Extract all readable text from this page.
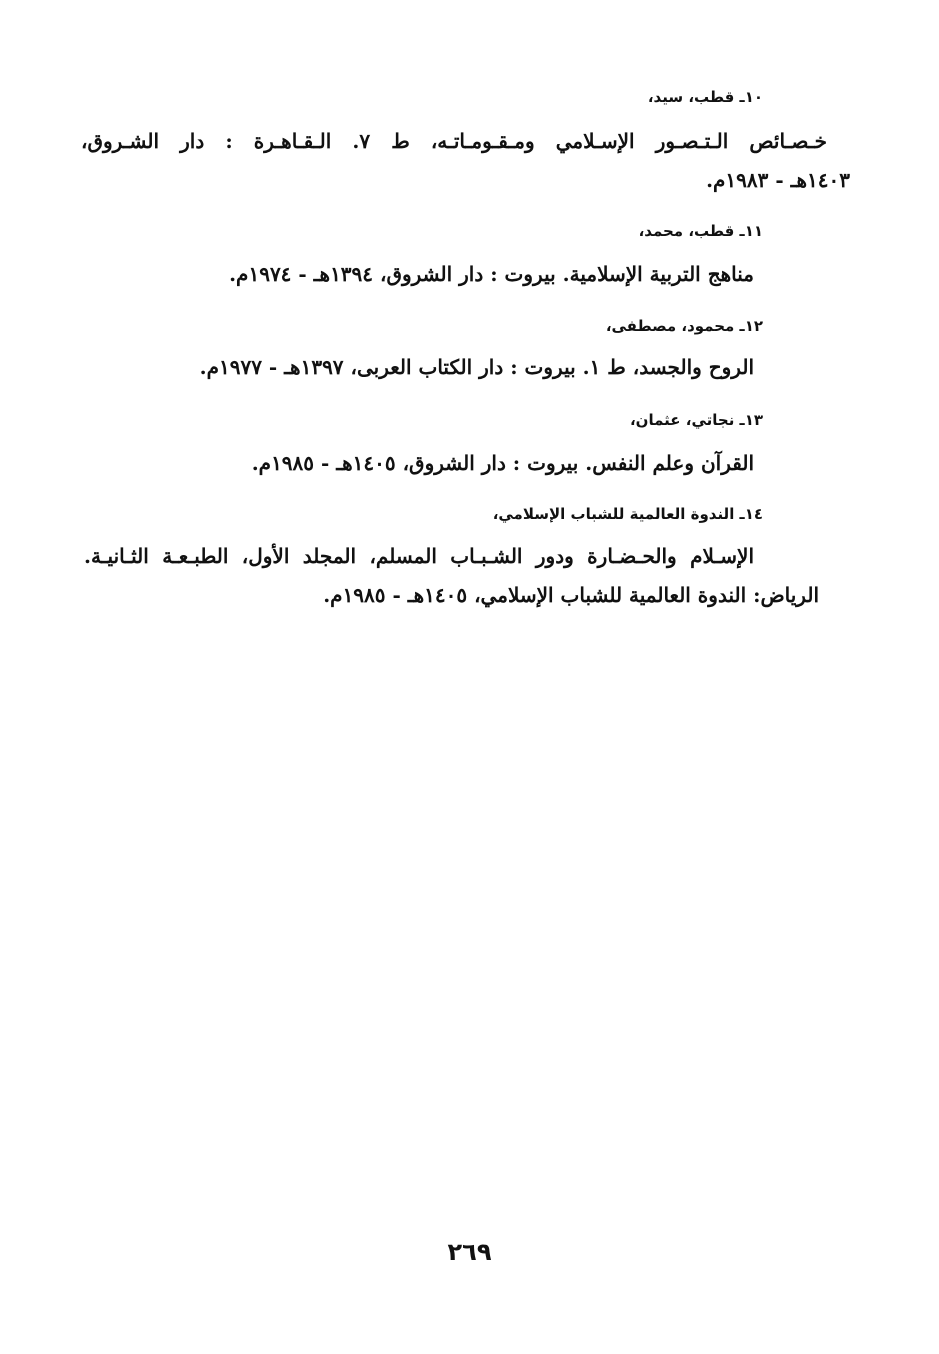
١٠ـ قطب، سيد،
خـصـائص الـتـصـور الإسـلامي ومـقـومـاتـه، ط ٧. الـقـاهـرة : دار الشـروق،
١٤٠٣هـ - ١٩٨٣م.
١١ـ قطب، محمد،
مناهج التربية الإسلامية. بيروت : دار الشروق، ١٣٩٤هـ - ١٩٧٤م.
١٢ـ محمود، مصطفى،
الروح والجسد، ط ١. بيروت : دار الكتاب العربى، ١٣٩٧هـ - ١٩٧٧م.
١٣ـ نجاتي، عثمان،
القرآن وعلم النفس. بيروت : دار الشروق، ١٤٠٥هـ - ١٩٨٥م.
١٤ـ الندوة العالمية للشباب الإسلامي،
الإسـلام والحـضـارة ودور الشـبـاب المسلم، المجلد الأول، الطبـعـة الثـانيـة.
الرياض: الندوة العالمية للشباب الإسلامي، ١٤٠٥هـ - ١٩٨٥م.
٢٦٩
